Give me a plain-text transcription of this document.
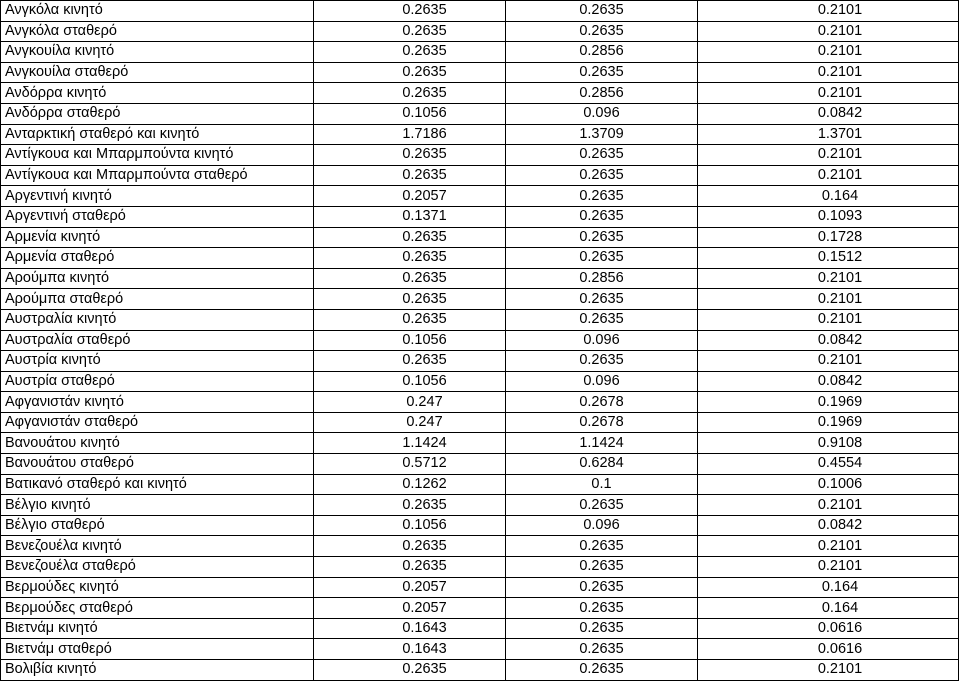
Ανγκόλα κινητό	0.2635	0.2635	0.2101
Ανγκόλα σταθερό	0.2635	0.2635	0.2101
Ανγκουίλα κινητό	0.2635	0.2856	0.2101
Ανγκουίλα σταθερό	0.2635	0.2635	0.2101
Ανδόρρα κινητό	0.2635	0.2856	0.2101
Ανδόρρα σταθερό	0.1056	0.096	0.0842
Ανταρκτική σταθερό και κινητό	1.7186	1.3709	1.3701
Αντίγκουα και Μπαρμπούντα κινητό	0.2635	0.2635	0.2101
Αντίγκουα και Μπαρμπούντα σταθερό	0.2635	0.2635	0.2101
Αργεντινή κινητό	0.2057	0.2635	0.164
Αργεντινή σταθερό	0.1371	0.2635	0.1093
Αρμενία κινητό	0.2635	0.2635	0.1728
Αρμενία σταθερό	0.2635	0.2635	0.1512
Αρούμπα κινητό	0.2635	0.2856	0.2101
Αρούμπα σταθερό	0.2635	0.2635	0.2101
Αυστραλία κινητό	0.2635	0.2635	0.2101
Αυστραλία σταθερό	0.1056	0.096	0.0842
Αυστρία κινητό	0.2635	0.2635	0.2101
Αυστρία σταθερό	0.1056	0.096	0.0842
Αφγανιστάν κινητό	0.247	0.2678	0.1969
Αφγανιστάν σταθερό	0.247	0.2678	0.1969
Βανουάτου κινητό	1.1424	1.1424	0.9108
Βανουάτου σταθερό	0.5712	0.6284	0.4554
Βατικανό σταθερό και κινητό	0.1262	0.1	0.1006
Βέλγιο κινητό	0.2635	0.2635	0.2101
Βέλγιο σταθερό	0.1056	0.096	0.0842
Βενεζουέλα κινητό	0.2635	0.2635	0.2101
Βενεζουέλα σταθερό	0.2635	0.2635	0.2101
Βερμούδες κινητό	0.2057	0.2635	0.164
Βερμούδες σταθερό	0.2057	0.2635	0.164
Βιετνάμ κινητό	0.1643	0.2635	0.0616
Βιετνάμ σταθερό	0.1643	0.2635	0.0616
Βολιβία κινητό	0.2635	0.2635	0.2101
